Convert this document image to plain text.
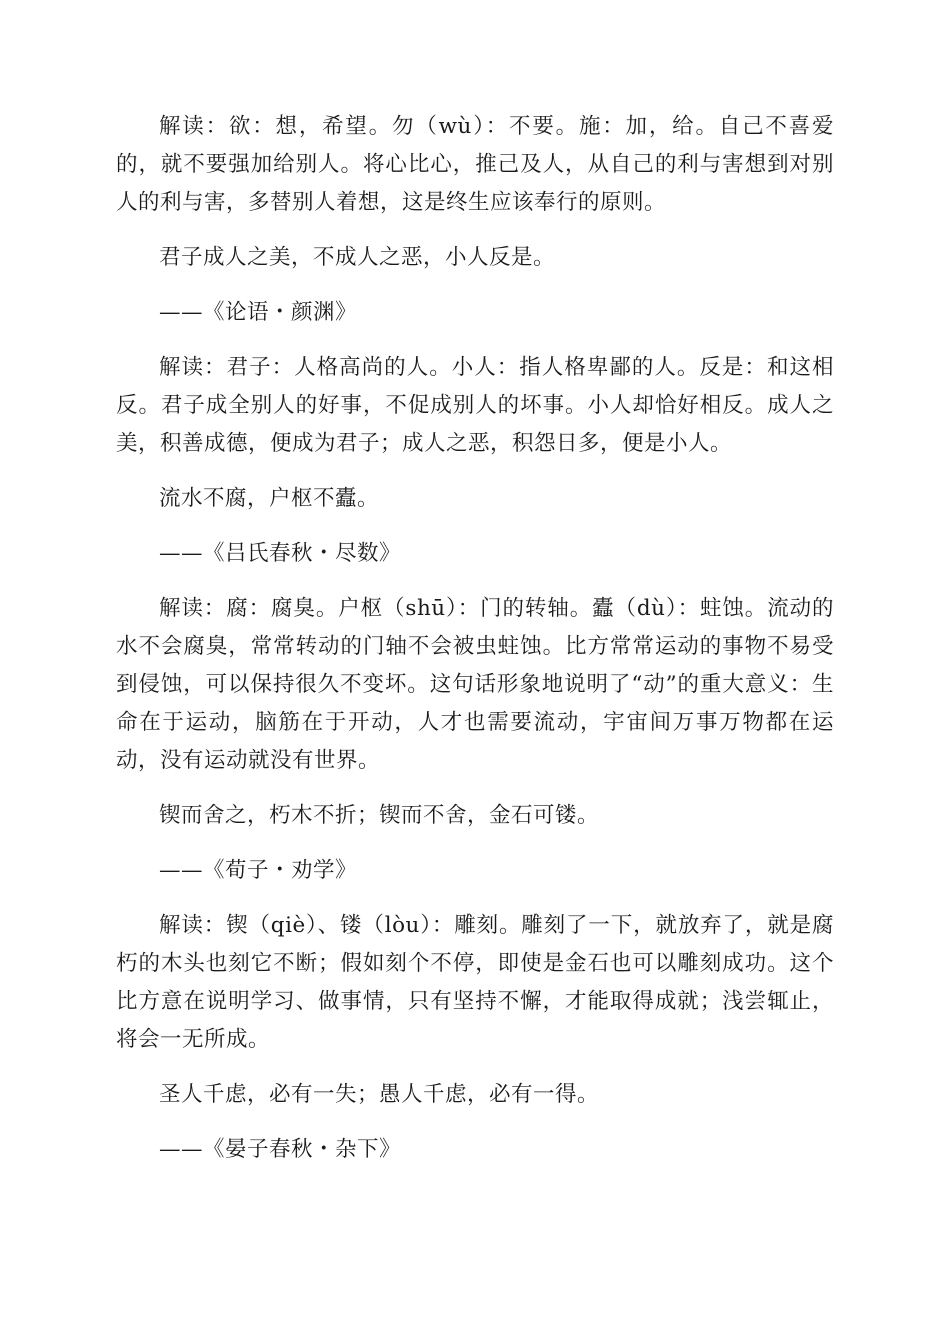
解读：欲：想，希望。勿（wù）：不要。施：加，给。自己不喜爱的，就不要强加给别人。将心比心，推己及人，从自己的利与害想到对别人的利与害，多替别人着想，这是终生应该奉行的原则。

君子成人之美，不成人之恶，小人反是。

——《论语・颜渊》

解读：君子：人格高尚的人。小人：指人格卑鄙的人。反是：和这相反。君子成全别人的好事，不促成别人的坏事。小人却恰好相反。成人之美，积善成德，便成为君子；成人之恶，积怨日多，便是小人。

流水不腐，户枢不蠹。

——《吕氏春秋・尽数》

解读：腐：腐臭。户枢（shū）：门的转轴。蠹（dù）：蛀蚀。流动的水不会腐臭，常常转动的门轴不会被虫蛀蚀。比方常常运动的事物不易受到侵蚀，可以保持很久不变坏。这句话形象地说明了“动”的重大意义：生命在于运动，脑筋在于开动，人才也需要流动，宇宙间万事万物都在运动，没有运动就没有世界。

锲而舍之，朽木不折；锲而不舍，金石可镂。

——《荀子・劝学》

解读：锲（qiè）、镂（lòu）：雕刻。雕刻了一下，就放弃了，就是腐朽的木头也刻它不断；假如刻个不停，即使是金石也可以雕刻成功。这个比方意在说明学习、做事情，只有坚持不懈，才能取得成就；浅尝辄止，将会一无所成。

圣人千虑，必有一失；愚人千虑，必有一得。

——《晏子春秋・杂下》
